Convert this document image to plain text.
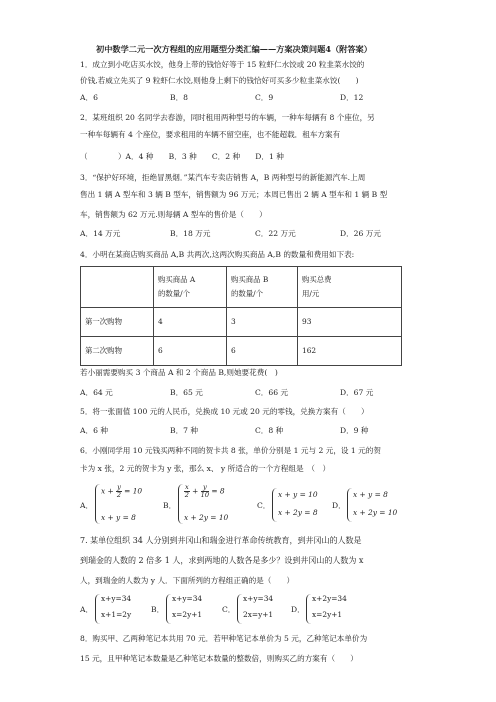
初中数学二元一次方程组的应用题型分类汇编——方案决策问题4（附答案）
1．成立到小吃店买水饺，他身上带的钱恰好等于 15 粒虾仁水饺或 20 粒韭菜水饺的
价钱,若威立先买了 9 粒虾仁水饺,则他身上剩下的钱恰好可买多少粒韭菜水饺(　　)
A．6	B．8	C．9	D．12
2．某班组织 20 名同学去春游，同时租用两种型号的车辆，一种车每辆有 8 个座位，另
一种车每辆有 4 个座位，要求租用的车辆不留空座，也不能超载．租车方案有
（　　　　）A．4 种　　B．3 种　　C．2 种　　D．1 种
3．“保护好环境，拒绝冒黑烟．”某汽车专卖店销售 A，B 两种型号的新能源汽车.上周
售出 1 辆 A 型车和 3 辆 B 型车，销售额为 96 万元；本周已售出 2 辆 A 型车和 1 辆 B 型
车，销售额为 62 万元.则每辆 A 型车的售价是（　　）
A．14 万元	B．18 万元	C．22 万元	D．26 万元
4．小明在某商店购买商品 A,B 共两次,这两次购买商品 A,B 的数量和费用如下表:
	购买商品 A
的数量/个	购买商品 B
的数量/个	购买总费
用/元
第一次购物	4	3	93
第二次购物	6	6	162
若小丽需要购买 3 个商品 A 和 2 个商品 B,则她要花费(　)
A．64 元	B．65 元	C．66 元	D．67 元
5．将一张面值 100 元的人民币，兑换成 10 元或 20 元的零钱，兑换方案有（　　）
A．6 种	B．7 种	C．8 种	D．9 种
6．小刚同学用 10 元钱买两种不同的贺卡共 8 张，单价分别是 1 元与 2 元，设 1 元的贺
卡为 x 张，2 元的贺卡为 y 张，那么 x、 y 所适合的一个方程组是　（　）
A．
$x + \frac{y}{2} = 10$
x + y = 8
B．
$\frac{x}{2} + \frac{y}{10} = 8$
x + 2y = 10
C．
x + y = 10
x + 2y = 8
D．
x + y = 8
x + 2y = 10
7. 某单位组织 34 人分别到井冈山和瑞金进行革命传统教育，到井冈山的人数是
到瑞金的人数的 2 倍多 1 人，求到两地的人数各是多少？设到井冈山的人数为 x
人，到瑞金的人数为 y 人．下面所列的方程组正确的是（　　）
A．
x+y=34
x+1=2y
B．
x+y=34
x=2y+1
C．
x+y=34
2x=y+1
D．
x+2y=34
x=2y+1
8．购买甲、乙两种笔记本共用 70 元．若甲种笔记本单价为 5 元，乙种笔记本单价为
15 元，且甲种笔记本数量是乙种笔记本数量的整数倍，则购买乙的方案有（　　）
